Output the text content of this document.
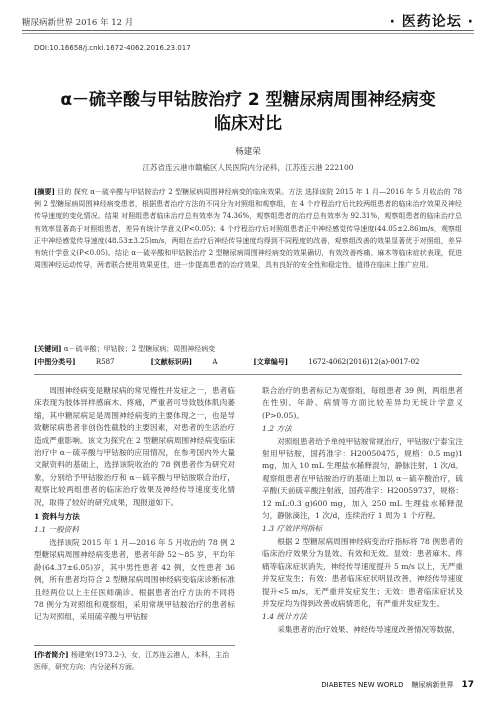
糖尿病新世界 2016 年 12 月	· 医药论坛 ·
DOI:10.16658/j.cnki.1672-4062.2016.23.017
α－硫辛酸与甲钴胺治疗 2 型糖尿病周围神经病变
临床对比
杨建荣
江苏省连云港市赣榆区人民医院内分泌科，江苏连云港 222100
[摘要] 目的 探究 α－硫辛酸与甲钴胺治疗 2 型糖尿病周围神经病变的临床效果。方法 选择该院 2015 年 1 月—2016 年 5 月收治的 78 例 2 型糖尿病周围神经病变患者，根据患者治疗方法的不同分为对照组和观察组，在 4 个疗程治疗后比较两组患者的临床治疗效果及神经传导速度的变化情况。结果 对照组患者临床治疗总有效率为 74.36%，观察组患者的治疗总有效率为 92.31%，观察组患者的临床治疗总有效率显著高于对照组患者，差异有统计学意义(P<0.05)；4 个疗程治疗后对照组患者正中神经感觉传导速度(44.05±2.86)m/s，观察组正中神经感觉传导速度(48.53±3.25)m/s，两组在治疗后神经传导速度均得到不同程度的改善，观察组改善的效果显著优于对照组，差异有统计学意义(P<0.05)。结论 α－硫辛酸和甲钴胺治疗 2 型糖尿病周围神经病变的效果确切，有效改善疼痛、麻木等临床症状表现，促进周围神经运动传导，两者联合使用效果更佳，进一步提高患者的治疗效果，具有良好的安全性和稳定性，值得在临床上推广应用。
[关键词] α－硫辛酸；甲钴胺；2 型糖尿病；周围神经病变
[中图分类号]	R587	[文献标识码]	A	[文章编号]	1672-4062(2016)12(a)-0017-02

周围神经病变是糖尿病的常见慢性并发症之一，患者临床表现为肢体异样感麻木、疼痛，严重者可导致肢体肌肉萎缩，其中糖尿病足是周围神经病变的主要体现之一，也是导致糖尿病患者非创伤性截肢的主要因素，对患者的生活治疗造成严重影响。该文为探究在 2 型糖尿病周围神经病变临床治疗中 α－硫辛酸与甲钴胺的应用情况，在参考国内外大量文献资料的基础上，选择该院收治的 78 例患者作为研究对象，分别给予甲钴胺治疗和 α－硫辛酸与甲钴胺联合治疗，观察比较两组患者的临床治疗效果及神经传导速度变化情况，取得了较好的研究成果，现报道如下。

1 资料与方法

1.1 一般资料

选择该院 2015 年 1 月—2016 年 5 月收治的 78 例 2 型糖尿病周围神经病变患者，患者年龄 52～85 岁，平均年龄(64.37±6.05)岁，其中男性患者 42 例，女性患者 36 例，所有患者均符合 2 型糖尿病周围神经病变临床诊断标准且经两位以上主任医师确诊。根据患者治疗方法的不同将 78 例分为对照组和观察组，采用常规甲钴胺治疗的患者标记为对照组，采用硫辛酸与甲钴胺

联合治疗的患者标记为观察组，每组患者 39 例，两组患者在性别、年龄、病情等方面比较差异均无统计学意义(P>0.05)。

1.2 方法

对照组患者给予单纯甲钴胺常规治疗，甲钴胺(宁泰宝注射用甲钴胺，国药准字：H20050475，规格：0.5 mg)1 mg，加入 10 mL 生理盐水稀释混匀，静脉注射，1 次/d。观察组患者在甲钴胺治疗的基础上加以 α－硫辛酸治疗，硫辛酸(天前硫辛酸注射液，国药准字：H20059737，规格：12 mL:0.3 g)600 mg，加入 250 mL 生理盐水稀释混匀，静脉滴注，1 次/d，连续治疗 1 周为 1 个疗程。

1.3 疗效评判指标

根据 2 型糖尿病周围神经病变治疗指标将 78 例患者的临床治疗效果分为显效、有效和无效。显效：患者麻木、疼痛等临床症状消失，神经传导速度提升 5 m/s 以上，无严重并发症发生；有效：患者临床症状明显改善，神经传导速度提升<5 m/s，无严重并发症发生；无效：患者临床症状及并发症均为得到改善或病情恶化，有严重并发症发生。

1.4 统计方法

采集患者的治疗效果、神经传导速度改善情况等数据，

[作者简介] 杨建荣(1973.2-)，女，江苏连云港人，本科，主治医师，研究方向：内分泌科方面。
DIABETES NEW WORLD 糖尿病新世界 17
